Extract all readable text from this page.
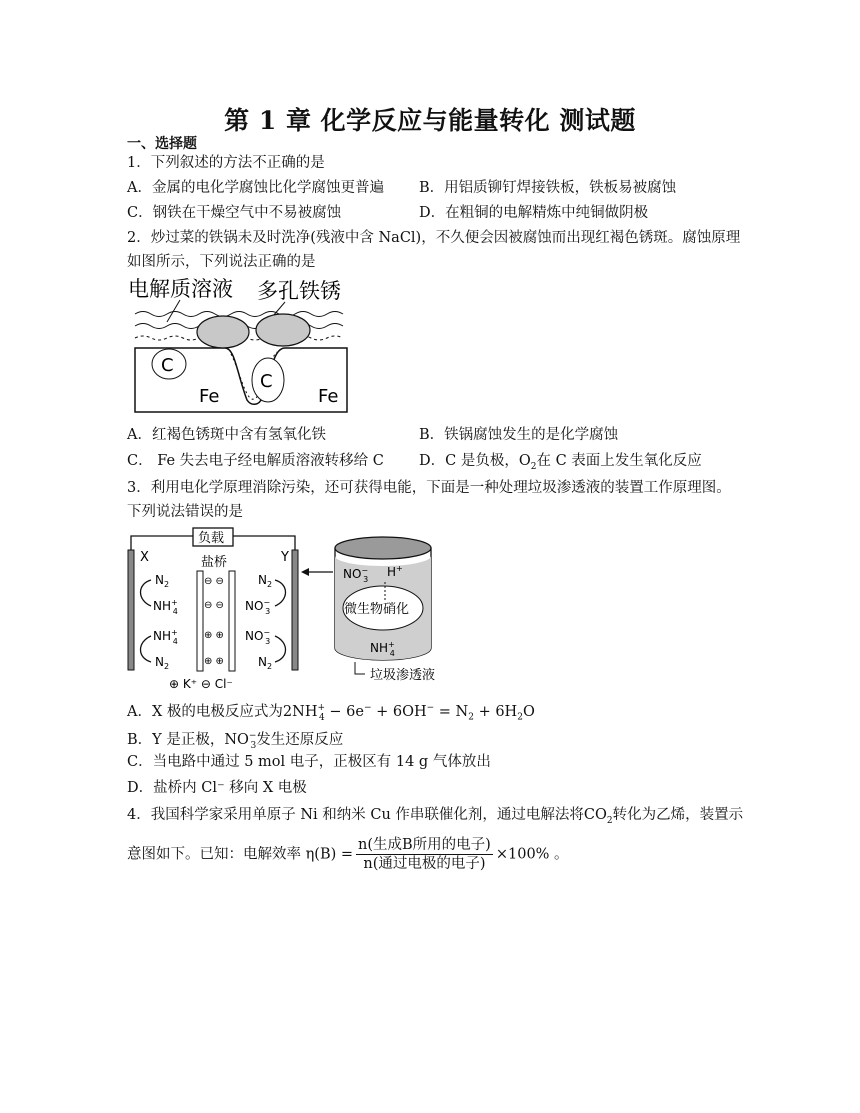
第 1 章 化学反应与能量转化 测试题
一、选择题
1．下列叙述的方法不正确的是
A．金属的电化学腐蚀比化学腐蚀更普遍 B．用铝质铆钉焊接铁板，铁板易被腐蚀
C．钢铁在干燥空气中不易被腐蚀	D．在粗铜的电解精炼中纯铜做阴极
2．炒过菜的铁锅未及时洗净(残液中含 NaCl)，不久便会因被腐蚀而出现红褐色锈斑。腐蚀原理
如图所示，下列说法正确的是
电解质溶液 多孔铁锈
C
C
Fe	Fe
A．红褐色锈斑中含有氢氧化铁	B．铁锅腐蚀发生的是化学腐蚀
C． Fe 失去电子经电解质溶液转移给 C D．C 是负极，$O_2$在 C 表面上发生氧化反应
3．利用电化学原理消除污染，还可获得电能，下面是一种处理垃圾渗透液的装置工作原理图。
下列说法错误的是
负载
X	Y
盐桥
⊖ ⊖
⊖ ⊖
⊕ ⊕
⊕ ⊕
$N_2$
NH+ 4
NH+ 4
$N_2$
$N_2$
NO− 3
NO− 3
$N_2$
⊕ K⁺ ⊖ Cl⁻
微生物硝化
NO− 3
H+
NH+ 4
垃圾渗透液
A．X 极的电极反应式为$2NH^+_4 - 6e^- + 6OH^- = N_2 + 6H_2O$
B．Y 是正极，$NO^-_3$发生还原反应
C．当电路中通过 5 mol 电子，正极区有 14 g 气体放出
D．盐桥内 Cl⁻ 移向 X 电极
4．我国科学家采用单原子 Ni 和纳米 Cu 作串联催化剂，通过电解法将$CO_2$转化为乙烯，装置示
意图如下。已知：电解效率 $\eta(B) = \frac{\text{n(生成B所用的电子)}}{\text{n(通过电极的电子)}} \times 100\%$ 。
